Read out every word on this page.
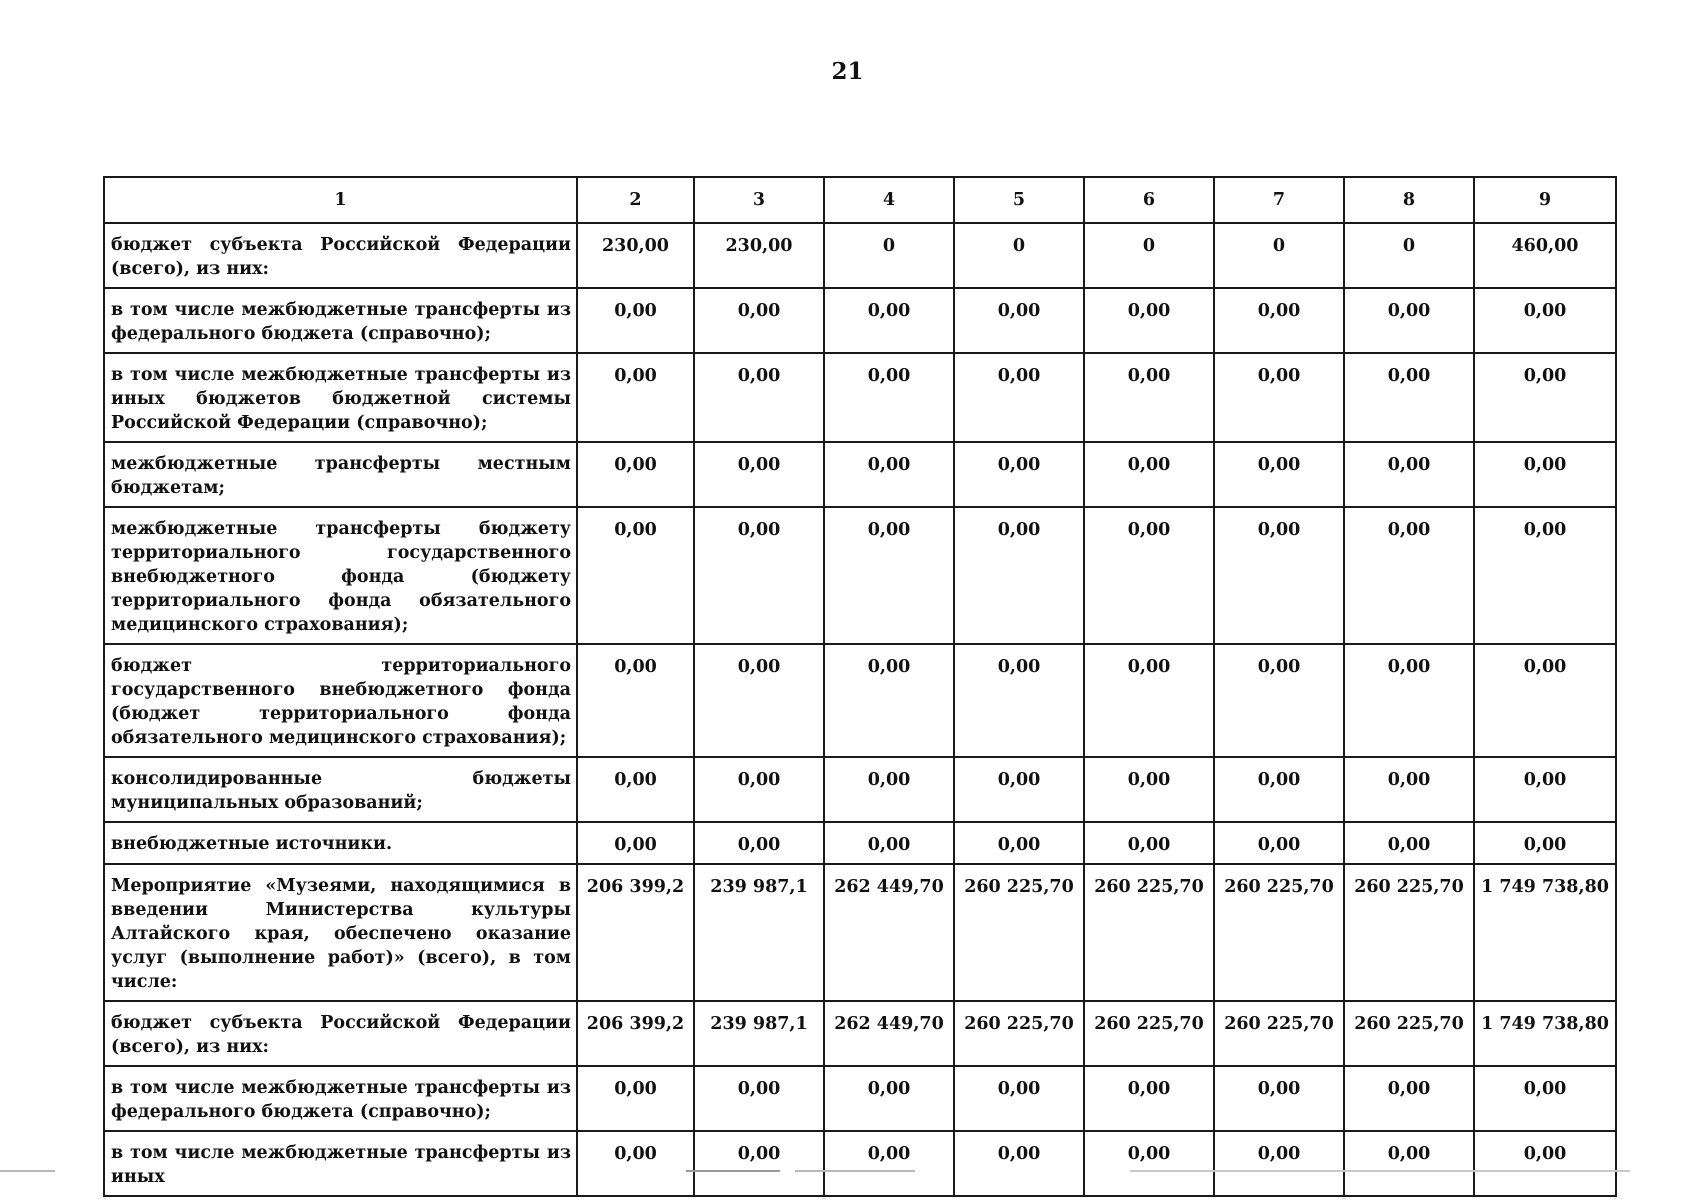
21
1	2	3	4	5	6	7	8	9
бюджет субъекта Российской Федерации (всего), из них:	230,00	230,00	0	0	0	0	0	460,00
в том числе межбюджетные трансферты из федерального бюджета (справочно);	0,00	0,00	0,00	0,00	0,00	0,00	0,00	0,00
в том числе межбюджетные трансферты из иных бюджетов бюджетной системы Российской Федерации (справочно);	0,00	0,00	0,00	0,00	0,00	0,00	0,00	0,00
межбюджетные трансферты местным бюджетам;	0,00	0,00	0,00	0,00	0,00	0,00	0,00	0,00
межбюджетные трансферты бюджету территориального государственного внебюджетного фонда (бюджету территориального фонда обязательного медицинского страхования);	0,00	0,00	0,00	0,00	0,00	0,00	0,00	0,00
бюджет территориального государственного внебюджетного фонда (бюджет территориального фонда обязательного медицинского страхования);	0,00	0,00	0,00	0,00	0,00	0,00	0,00	0,00
консолидированные бюджеты муниципальных образований;	0,00	0,00	0,00	0,00	0,00	0,00	0,00	0,00
внебюджетные источники.	0,00	0,00	0,00	0,00	0,00	0,00	0,00	0,00
Мероприятие «Музеями, находящимися в введении Министерства культуры Алтайского края, обеспечено оказание услуг (выполнение работ)» (всего), в том числе:	206 399,2	239 987,1	262 449,70	260 225,70	260 225,70	260 225,70	260 225,70	1 749 738,80
бюджет субъекта Российской Федерации (всего), из них:	206 399,2	239 987,1	262 449,70	260 225,70	260 225,70	260 225,70	260 225,70	1 749 738,80
в том числе межбюджетные трансферты из федерального бюджета (справочно);	0,00	0,00	0,00	0,00	0,00	0,00	0,00	0,00
в том числе межбюджетные трансферты из иных	0,00	0,00	0,00	0,00	0,00	0,00	0,00	0,00
